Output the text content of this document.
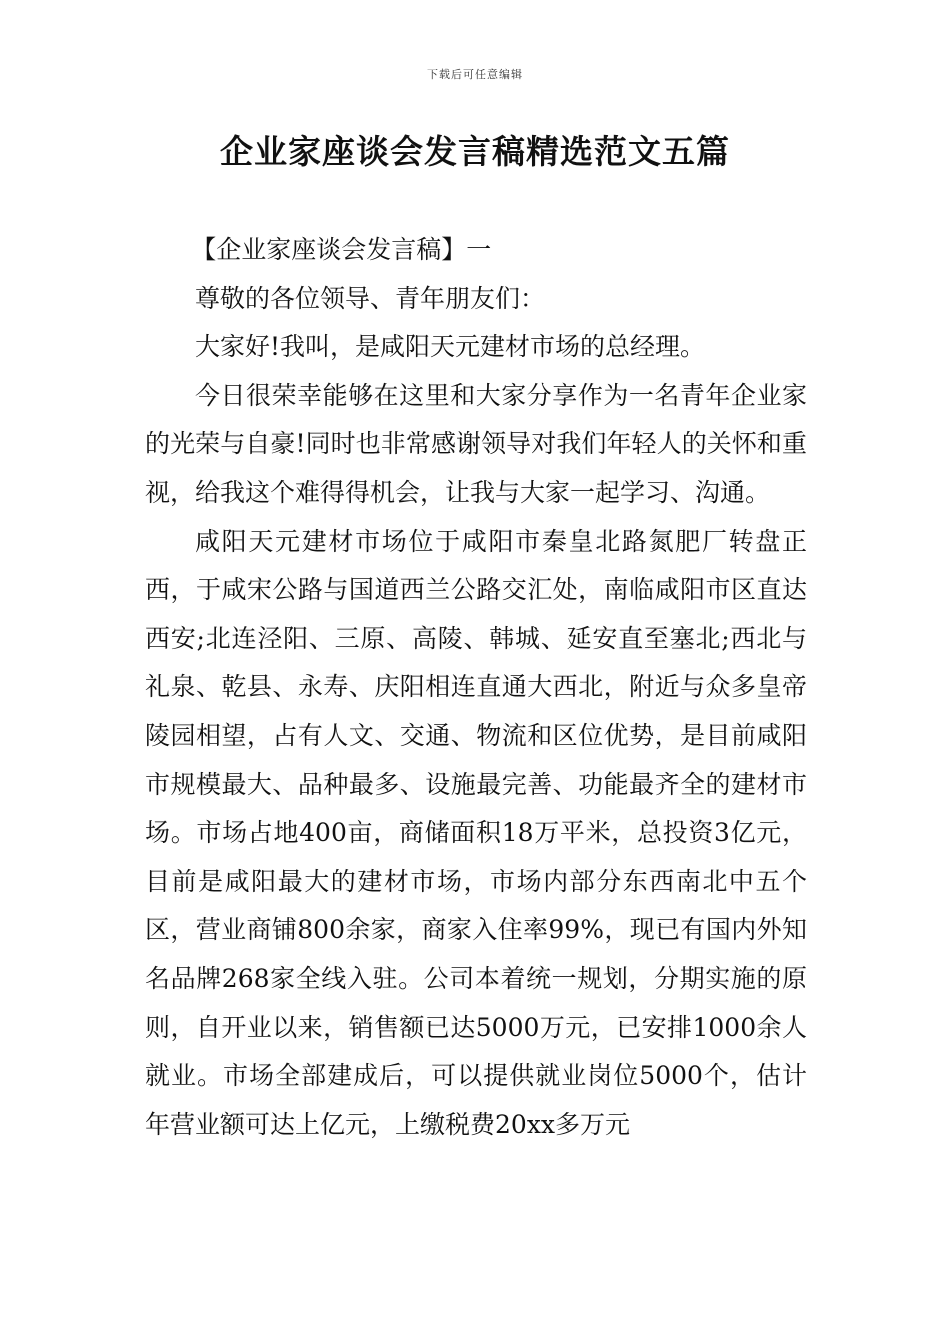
下载后可任意编辑
企业家座谈会发言稿精选范文五篇

【企业家座谈会发言稿】一

尊敬的各位领导、青年朋友们：

大家好!我叫，是咸阳天元建材市场的总经理。

今日很荣幸能够在这里和大家分享作为一名青年企业家的光荣与自豪!同时也非常感谢领导对我们年轻人的关怀和重视，给我这个难得得机会，让我与大家一起学习、沟通。

咸阳天元建材市场位于咸阳市秦皇北路氮肥厂转盘正西，于咸宋公路与国道西兰公路交汇处，南临咸阳市区直达西安;北连泾阳、三原、高陵、韩城、延安直至塞北;西北与礼泉、乾县、永寿、庆阳相连直通大西北，附近与众多皇帝陵园相望，占有人文、交通、物流和区位优势，是目前咸阳市规模最大、品种最多、设施最完善、功能最齐全的建材市场。市场占地400亩，商储面积18万平米，总投资3亿元，目前是咸阳最大的建材市场，市场内部分东西南北中五个区，营业商铺800余家，商家入住率99%，现已有国内外知名品牌268家全线入驻。公司本着统一规划，分期实施的原则，自开业以来，销售额已达5000万元，已安排1000余人就业。市场全部建成后，可以提供就业岗位5000个，估计年营业额可达上亿元，上缴税费20xx多万元
